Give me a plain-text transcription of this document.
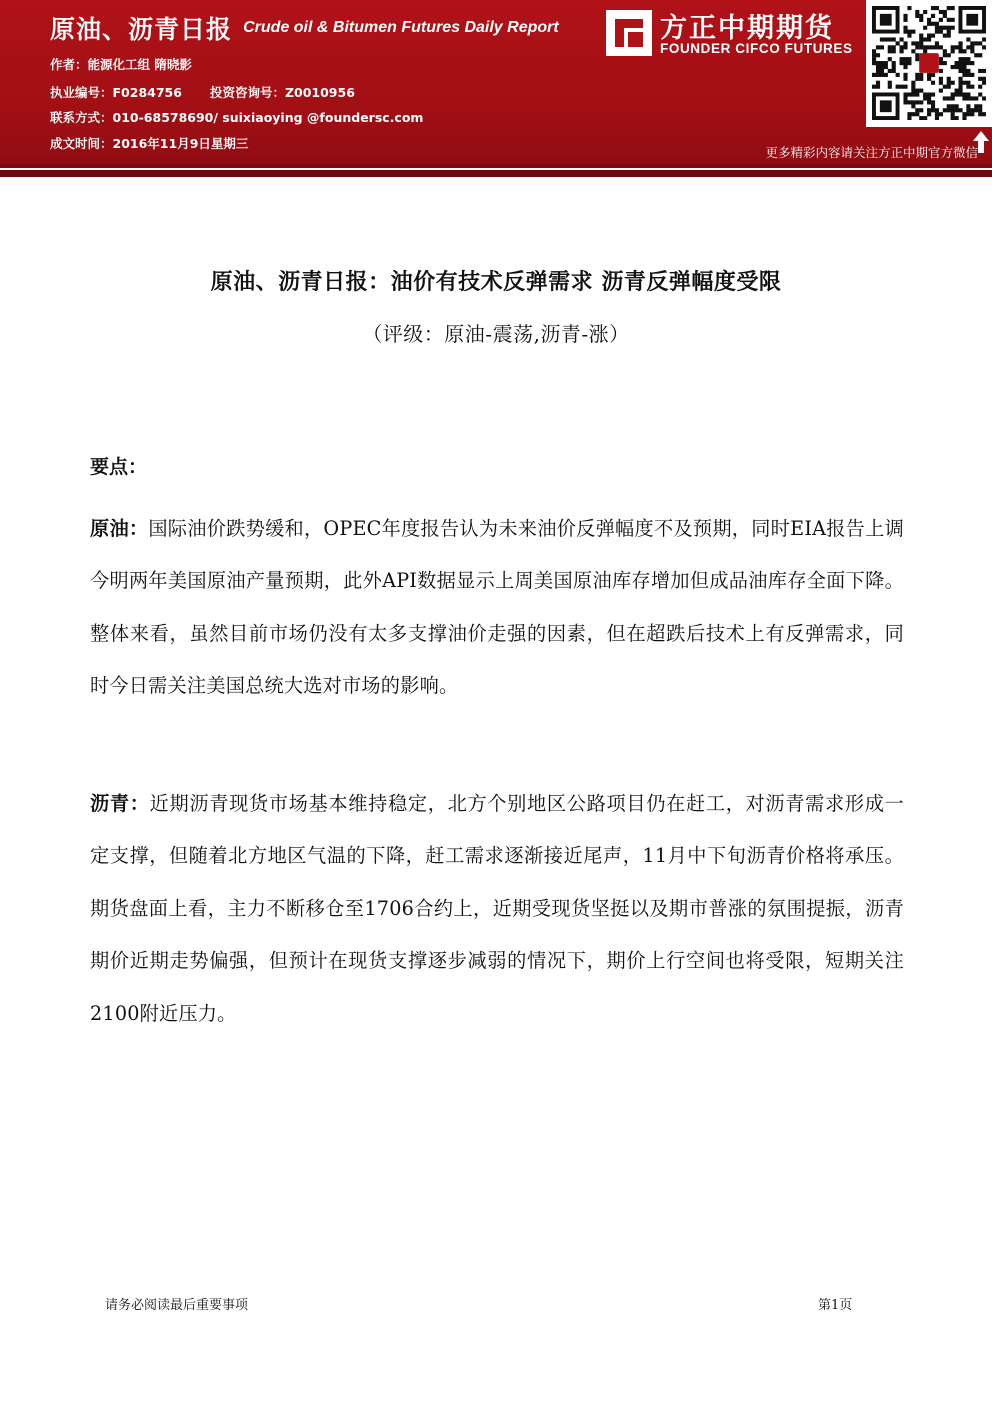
原油、沥青日报 Crude oil & Bitumen Futures Daily Report
作者：能源化工组 隋晓影
执业编号：F0284756 投资咨询号：Z0010956
联系方式：010-68578690/ suixiaoying @foundersc.com
成文时间：2016年11月9日星期三
方正中期期货
FOUNDER CIFCO FUTURES
更多精彩内容请关注方正中期官方微信
原油、沥青日报：油价有技术反弹需求 沥青反弹幅度受限
（评级：原油-震荡,沥青-涨）
要点：
原油：国际油价跌势缓和，OPEC年度报告认为未来油价反弹幅度不及预期，同时EIA报告上调今明两年美国原油产量预期，此外API数据显示上周美国原油库存增加但成品油库存全面下降。整体来看，虽然目前市场仍没有太多支撑油价走强的因素，但在超跌后技术上有反弹需求，同时今日需关注美国总统大选对市场的影响。
沥青：近期沥青现货市场基本维持稳定，北方个别地区公路项目仍在赶工，对沥青需求形成一定支撑，但随着北方地区气温的下降，赶工需求逐渐接近尾声，11月中下旬沥青价格将承压。期货盘面上看，主力不断移仓至1706合约上，近期受现货坚挺以及期市普涨的氛围提振，沥青期价近期走势偏强，但预计在现货支撑逐步减弱的情况下，期价上行空间也将受限，短期关注2100附近压力。
请务必阅读最后重要事项	第1页
